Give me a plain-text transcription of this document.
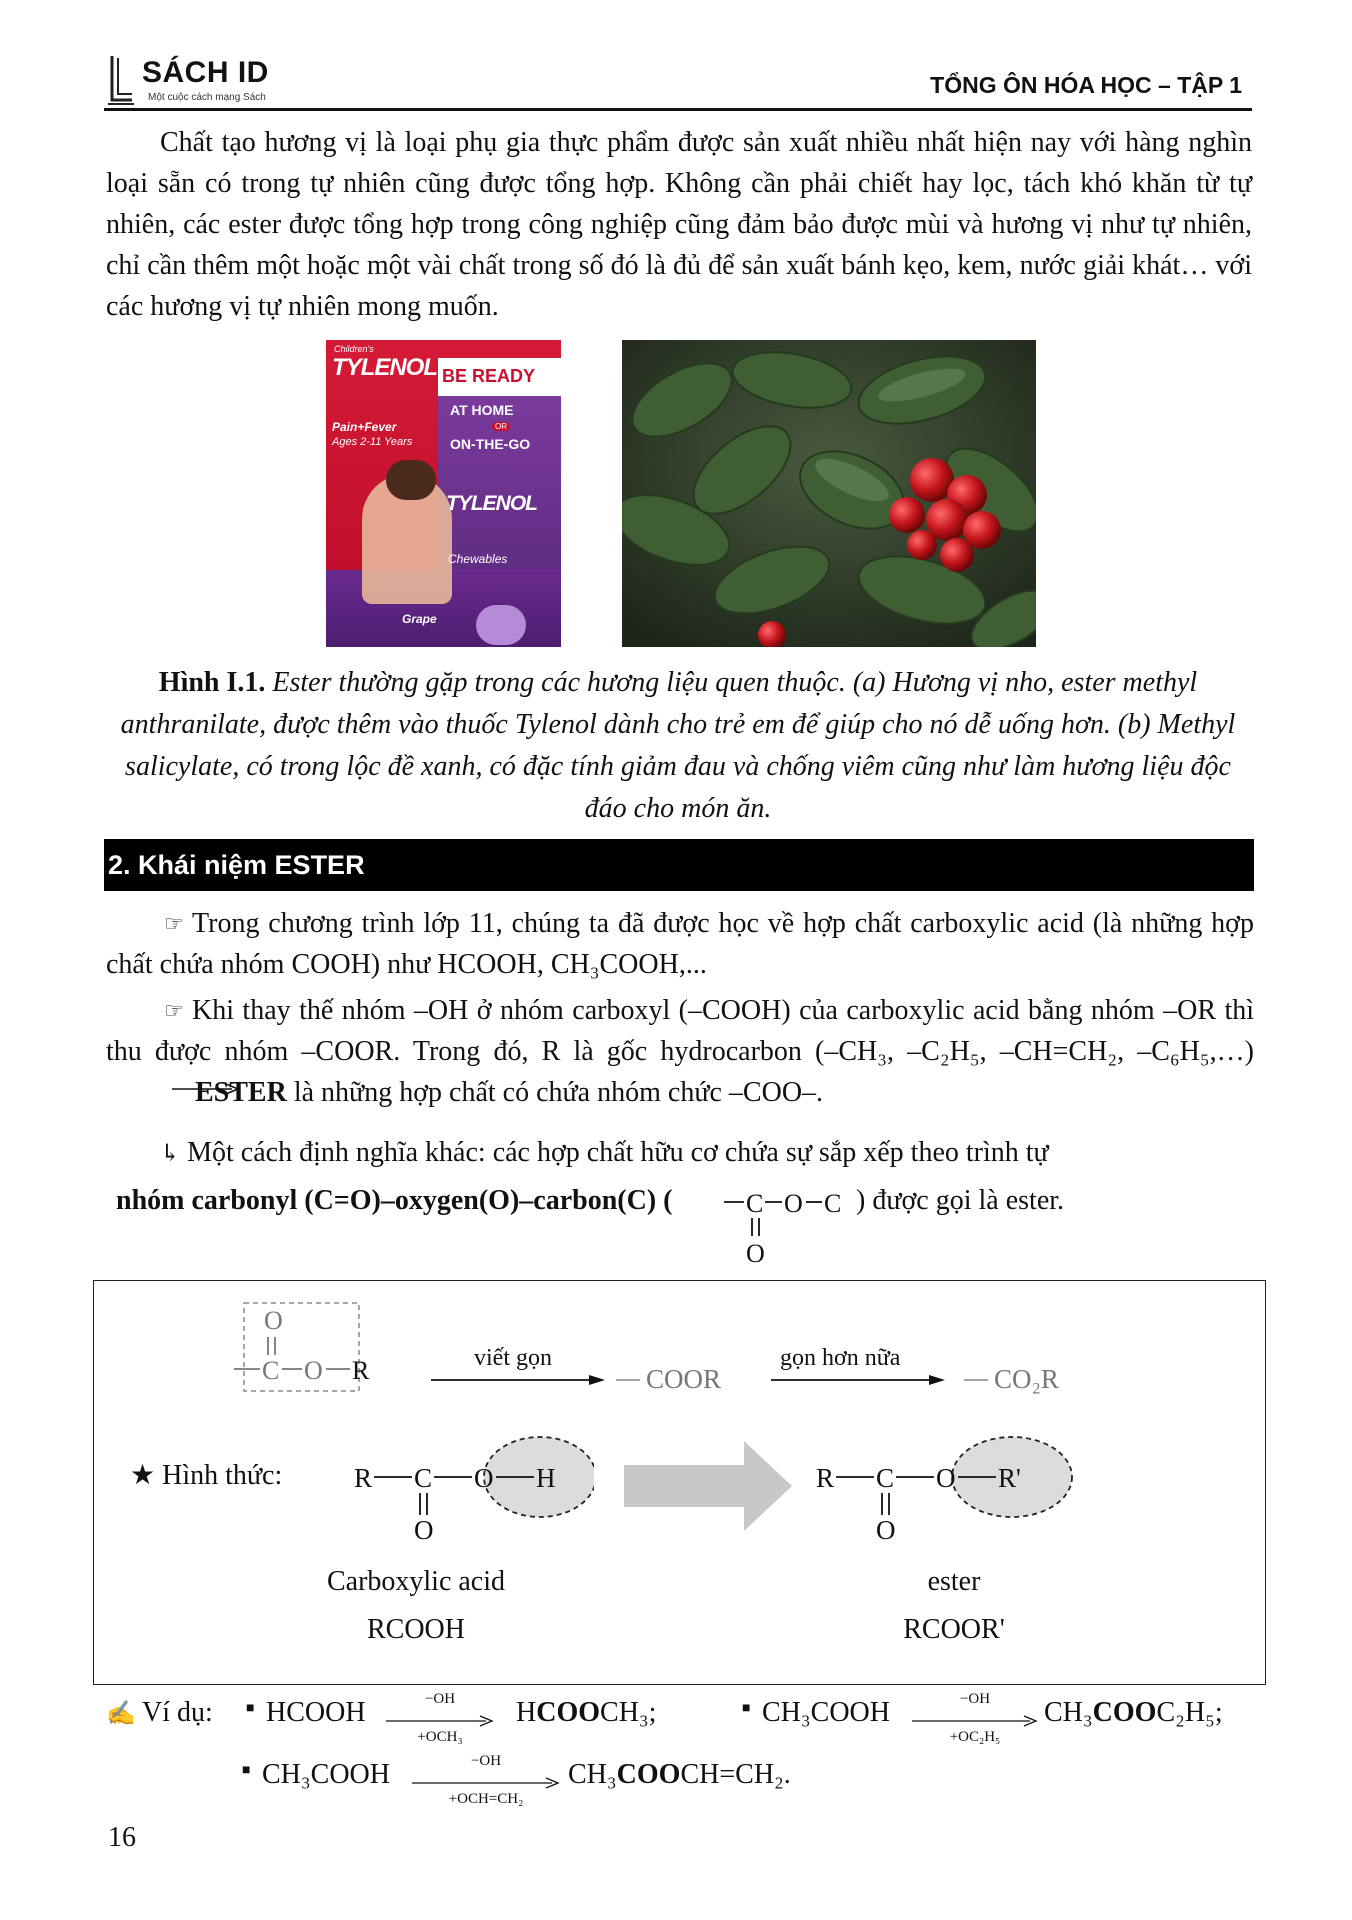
SÁCH ID
Một cuộc cách mạng Sách	TỔNG ÔN HÓA HỌC – TẬP 1
Chất tạo hương vị là loại phụ gia thực phẩm được sản xuất nhiều nhất hiện nay với hàng nghìn loại sẵn có trong tự nhiên cũng được tổng hợp. Không cần phải chiết hay lọc, tách khó khăn từ tự nhiên, các ester được tổng hợp trong công nghiệp cũng đảm bảo được mùi và hương vị như tự nhiên, chỉ cần thêm một hoặc một vài chất trong số đó là đủ để sản xuất bánh kẹo, kem, nước giải khát… với các hương vị tự nhiên mong muốn.
Children's
TYLENOL BE READY
AT HOME
OR
ON-THE-GO
Pain+Fever
Ages 2-11 Years
TYLENOL
Chewables
Grape
Hình I.1. Ester thường gặp trong các hương liệu quen thuộc. (a) Hương vị nho, ester methyl anthranilate, được thêm vào thuốc Tylenol dành cho trẻ em để giúp cho nó dễ uống hơn. (b) Methyl salicylate, có trong lộc đề xanh, có đặc tính giảm đau và chống viêm cũng như làm hương liệu độc đáo cho món ăn.
2. Khái niệm ESTER
☞ Trong chương trình lớp 11, chúng ta đã được học về hợp chất carboxylic acid (là những hợp chất chứa nhóm COOH) như HCOOH, CH₃COOH,...
☞ Khi thay thế nhóm –OH ở nhóm carboxyl (–COOH) của carboxylic acid bằng nhóm –OR thì thu được nhóm –COOR. Trong đó, R là gốc hydrocarbon (–CH₃, –C₂H₅, –CH=CH₂, –C₆H₅,…)  ESTER là những hợp chất có chứa nhóm chức –COO–.
↳ Một cách định nghĩa khác: các hợp chất hữu cơ chứa sự sắp xếp theo trình tự
nhóm carbonyl (C=O)–oxygen(O)–carbon(C) (	C O C
O
) được gọi là ester.
O
C O R	viết gọn
COOR
gọn hơn nữa
CO₂R
★ Hình thức:	R C O H
O
R C O R'
O
Carboxylic acid
RCOOH
ester
RCOOR'
✍ Ví dụ: ■ HCOOH	−OH
+OCH₃
HCOOCH₃;	■ CH₃COOH	−OH
+OC₂H₅
CH₃COOC₂H₅;
■ CH₃COOH	−OH
+OCH=CH₂
CH₃COOCH=CH₂.
16
